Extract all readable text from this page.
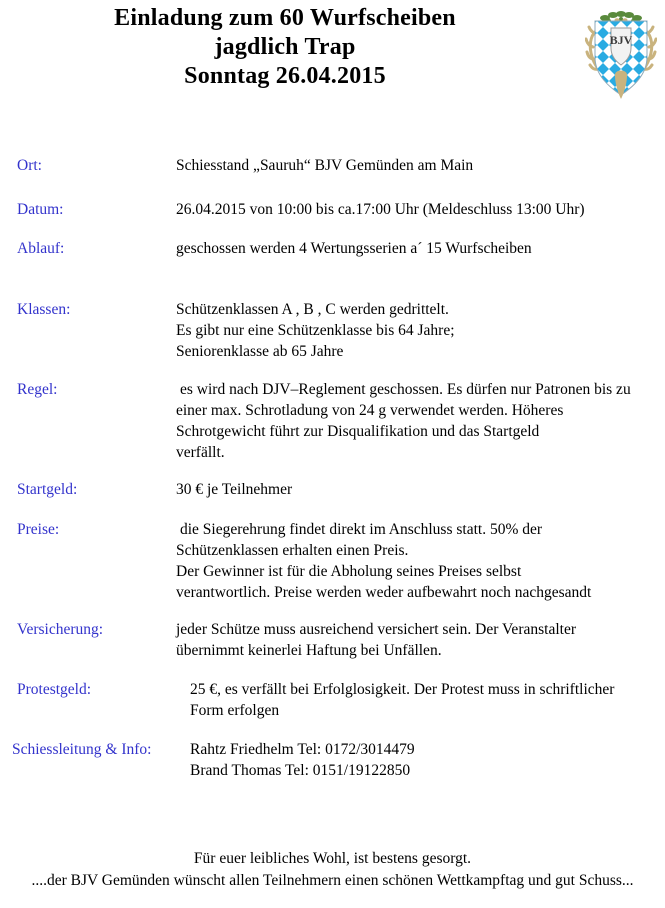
Einladung zum 60 Wurfscheiben
jagdlich Trap
Sonntag 26.04.2015
BJV
Ort:	Schiesstand „Sauruh“ BJV Gemünden am Main
Datum:	26.04.2015 von 10:00 bis ca.17:00 Uhr (Meldeschluss 13:00 Uhr)
Ablauf:	geschossen werden 4 Wertungsserien a´ 15 Wurfscheiben
Klassen:	Schützenklassen A , B , C werden gedrittelt.
Es gibt nur eine Schützenklasse bis 64 Jahre;
Seniorenklasse ab 65 Jahre
Regel:	es wird nach DJV–Reglement geschossen. Es dürfen nur Patronen bis zu
einer max. Schrotladung von 24 g verwendet werden. Höheres
Schrotgewicht führt zur Disqualifikation und das Startgeld
verfällt.
Startgeld:	30 € je Teilnehmer
Preise:	die Siegerehrung findet direkt im Anschluss statt. 50% der
Schützenklassen erhalten einen Preis.
Der Gewinner ist für die Abholung seines Preises selbst
verantwortlich. Preise werden weder aufbewahrt noch nachgesandt
Versicherung:	jeder Schütze muss ausreichend versichert sein. Der Veranstalter
übernimmt keinerlei Haftung bei Unfällen.
Protestgeld:	25 €, es verfällt bei Erfolglosigkeit. Der Protest muss in schriftlicher
Form erfolgen
Schiessleitung & Info: Rahtz Friedhelm Tel: 0172/3014479
Brand Thomas Tel: 0151/19122850
Für euer leibliches Wohl, ist bestens gesorgt.
....der BJV Gemünden wünscht allen Teilnehmern einen schönen Wettkampftag und gut Schuss...
